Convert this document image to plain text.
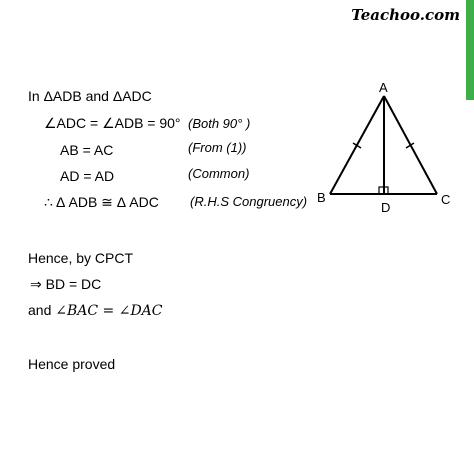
Teachoo.com
In ΔADB and ΔADC
∠ADC = ∠ADB = 90° (Both 90° )
AB = AC	(From (1))
AD = AD	(Common)
∴ Δ ADB ≅ Δ ADC (R.H.S Congruency)
Hence, by CPCT
⇒ BD = DC
and ∠BAC = ∠DAC
Hence proved
A
B	C
D
